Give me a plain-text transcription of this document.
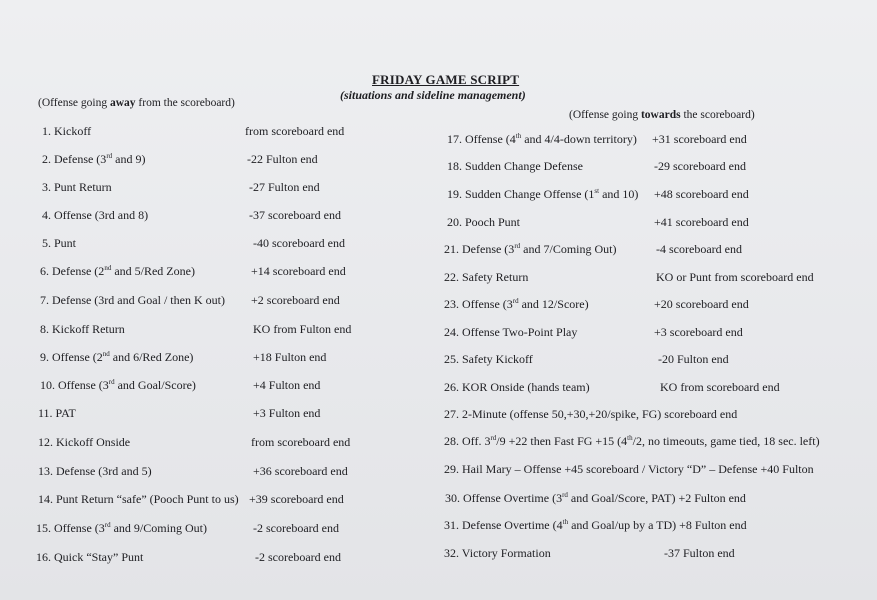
FRIDAY GAME SCRIPT
(situations and sideline management)
(Offense going away from the scoreboard)
(Offense going towards the scoreboard)
1. Kickoff	from scoreboard end
2. Defense (3rd and 9)	-22 Fulton end
3. Punt Return	-27 Fulton end
4. Offense (3rd and 8)	-37 scoreboard end
5. Punt	-40 scoreboard end
6. Defense (2nd and 5/Red Zone)	+14 scoreboard end
7. Defense (3rd and Goal / then K out) +2 scoreboard end
8. Kickoff Return	KO from Fulton end
9. Offense (2nd and 6/Red Zone)	+18 Fulton end
10. Offense (3rd and Goal/Score)	+4 Fulton end
11. PAT	+3 Fulton end
12. Kickoff Onside	from scoreboard end
13. Defense (3rd and 5)	+36 scoreboard end
14. Punt Return “safe” (Pooch Punt to us) +39 scoreboard end
15. Offense (3rd and 9/Coming Out)	-2 scoreboard end
16. Quick “Stay” Punt	-2 scoreboard end
17. Offense (4th and 4/4-down territory) +31 scoreboard end
18. Sudden Change Defense	-29 scoreboard end
19. Sudden Change Offense (1st and 10) +48 scoreboard end
20. Pooch Punt	+41 scoreboard end
21. Defense (3rd and 7/Coming Out)	-4 scoreboard end
22. Safety Return	KO or Punt from scoreboard end
23. Offense (3rd and 12/Score)	+20 scoreboard end
24. Offense Two-Point Play	+3 scoreboard end
25. Safety Kickoff	-20 Fulton end
26. KOR Onside (hands team)	KO from scoreboard end
27. 2-Minute (offense 50,+30,+20/spike, FG) scoreboard end
28. Off. 3rd/9 +22 then Fast FG +15 (4th/2, no timeouts, game tied, 18 sec. left)
29. Hail Mary – Offense +45 scoreboard / Victory “D” – Defense +40 Fulton
30. Offense Overtime (3rd and Goal/Score, PAT) +2 Fulton end
31. Defense Overtime (4th and Goal/up by a TD) +8 Fulton end
32. Victory Formation	-37 Fulton end
